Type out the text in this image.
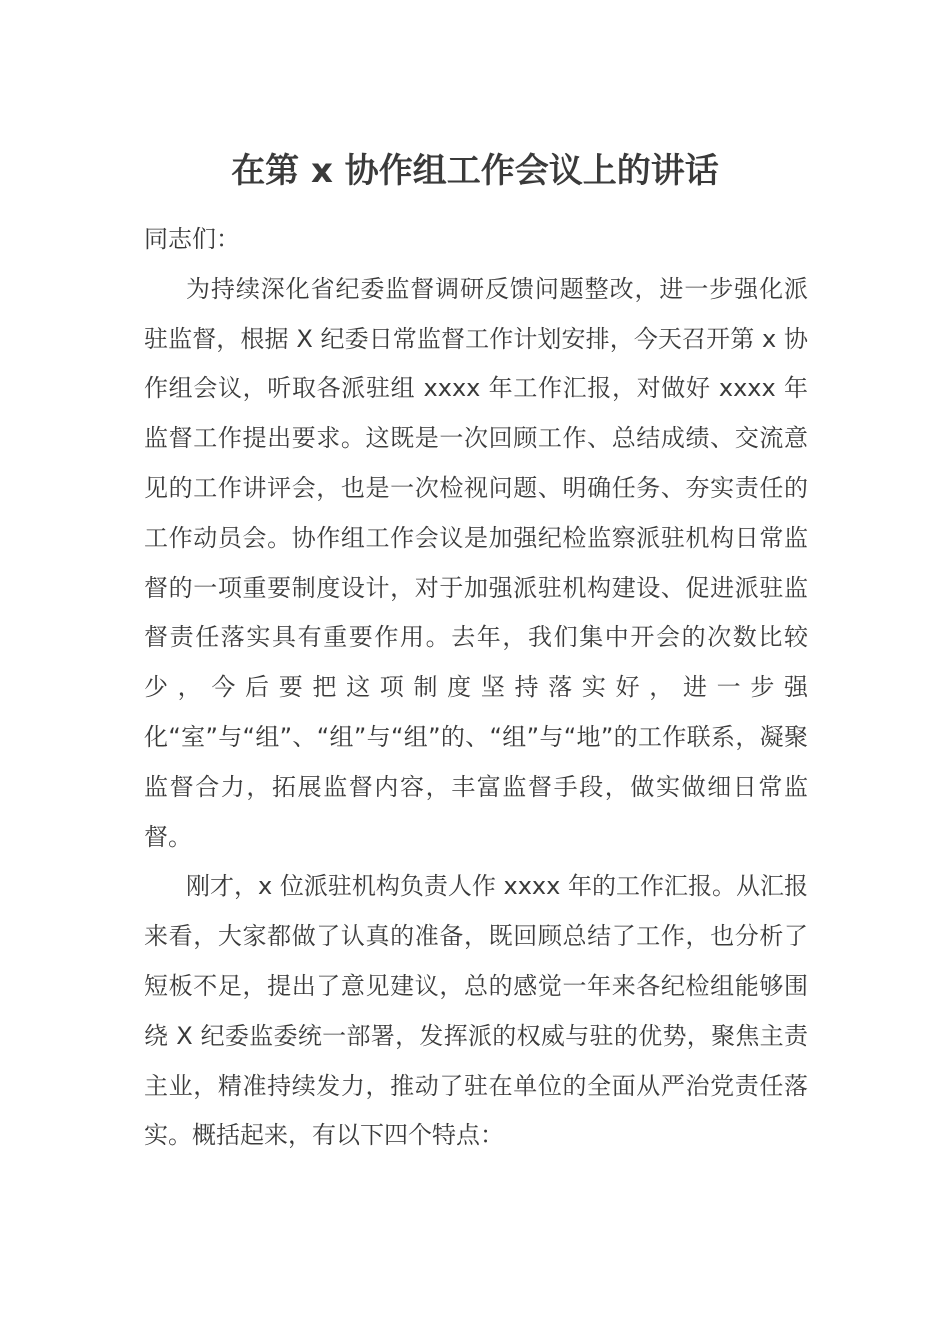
在第 x 协作组工作会议上的讲话

同志们：

为持续深化省纪委监督调研反馈问题整改，进一步强化派驻监督，根据 X 纪委日常监督工作计划安排，今天召开第 x 协作组会议，听取各派驻组 xxxx 年工作汇报，对做好 xxxx 年监督工作提出要求。这既是一次回顾工作、总结成绩、交流意见的工作讲评会，也是一次检视问题、明确任务、夯实责任的工作动员会。协作组工作会议是加强纪检监察派驻机构日常监督的一项重要制度设计，对于加强派驻机构建设、促进派驻监督责任落实具有重要作用。去年，我们集中开会的次数比较少，今后要把这项制度坚持落实好，进一步强化“室”与“组”、“组”与“组”的、“组”与“地”的工作联系，凝聚监督合力，拓展监督内容，丰富监督手段，做实做细日常监督。

刚才，x 位派驻机构负责人作 xxxx 年的工作汇报。从汇报来看，大家都做了认真的准备，既回顾总结了工作，也分析了短板不足，提出了意见建议，总的感觉一年来各纪检组能够围绕 X 纪委监委统一部署，发挥派的权威与驻的优势，聚焦主责主业，精准持续发力，推动了驻在单位的全面从严治党责任落实。概括起来，有以下四个特点：
